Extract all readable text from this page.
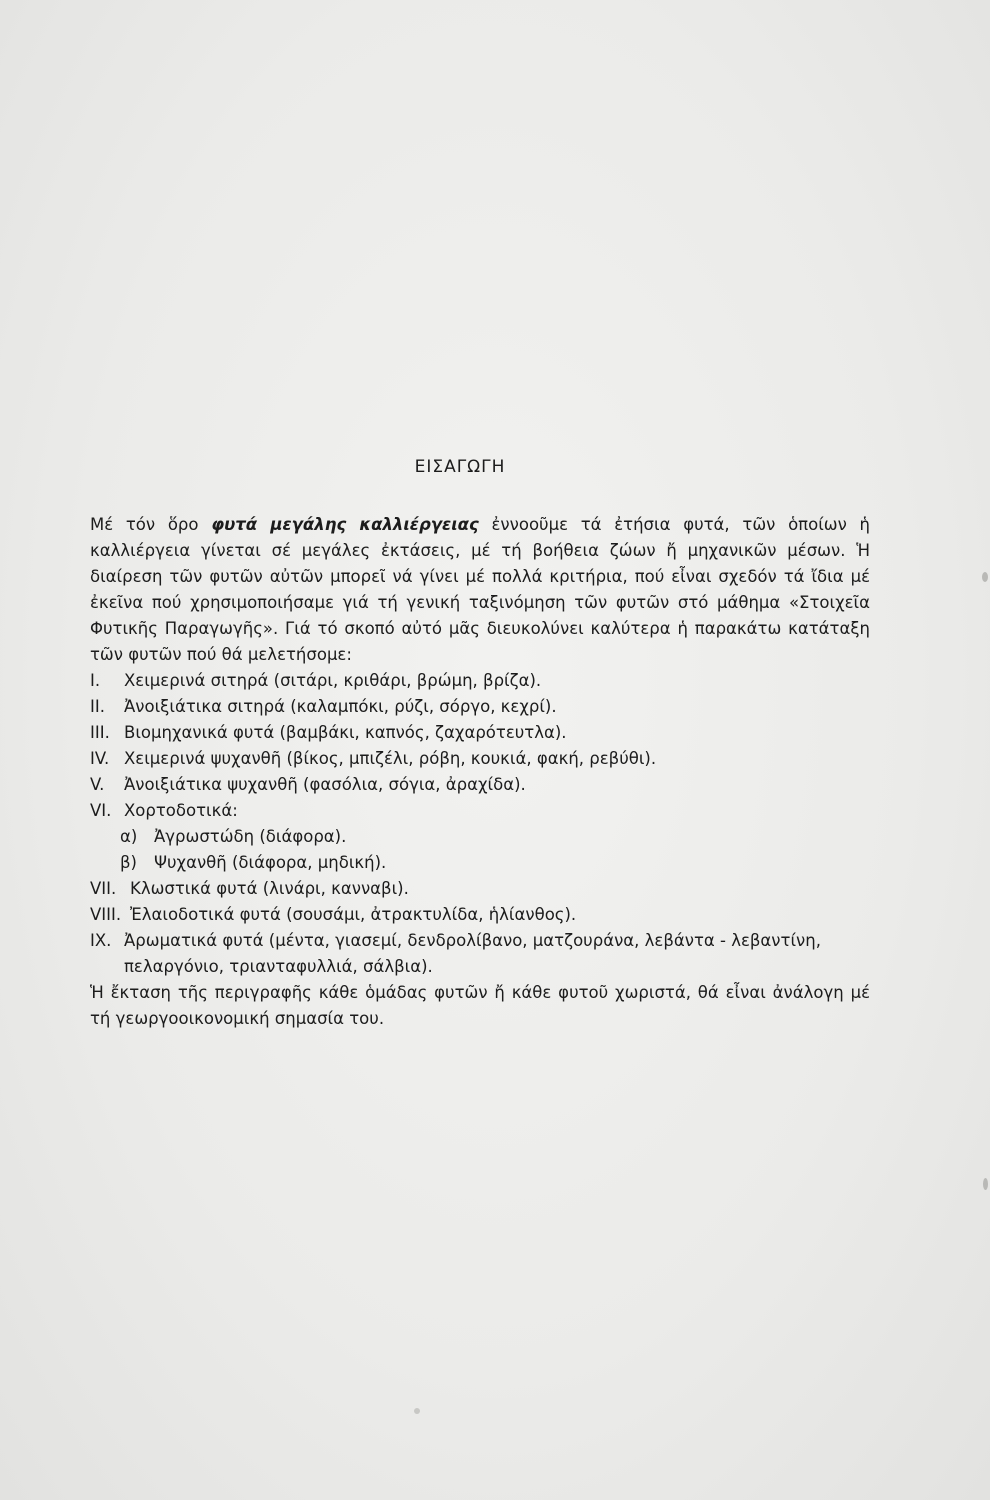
ΕΙΣΑΓΩΓΗ

Μέ τόν ὅρο φυτά μεγάλης καλλιέργειας ἐννοοῦμε τά ἐτήσια φυτά, τῶν ὁποίων ἡ καλλιέργεια γίνεται σέ μεγάλες ἐκτάσεις, μέ τή βοήθεια ζώων ἤ μηχανικῶν μέσων. Ἡ διαίρεση τῶν φυτῶν αὐτῶν μπορεῖ νά γίνει μέ πολλά κριτήρια, πού εἶναι σχεδόν τά ἴδια μέ ἐκεῖνα πού χρησιμοποιήσαμε γιά τή γενική ταξινόμηση τῶν φυτῶν στό μάθημα «Στοιχεῖα Φυτικῆς Παραγωγῆς». Γιά τό σκοπό αὐτό μᾶς διευκολύνει καλύτερα ἡ παρακάτω κατάταξη τῶν φυτῶν πού θά μελετήσομε:

I.	Χειμερινά σιτηρά (σιτάρι, κριθάρι, βρώμη, βρίζα).
II.	Ἀνοιξιάτικα σιτηρά (καλαμπόκι, ρύζι, σόργο, κεχρί).
III. Βιομηχανικά φυτά (βαμβάκι, καπνός, ζαχαρότευτλα).
IV. Χειμερινά ψυχανθῆ (βίκος, μπιζέλι, ρόβη, κουκιά, φακή, ρεβύθι).
V.	Ἀνοιξιάτικα ψυχανθῆ (φασόλια, σόγια, ἀραχίδα).
VI. Χορτοδοτικά:
α)	Ἀγρωστώδη (διάφορα).
β)	Ψυχανθῆ (διάφορα, μηδική).
VII. Κλωστικά φυτά (λινάρι, κανναβι).
VIII. Ἐλαιοδοτικά φυτά (σουσάμι, ἀτρακτυλίδα, ἡλίανθος).
IX. Ἀρωματικά φυτά (μέντα, γιασεμί, δενδρολίβανο, ματζουράνα, λεβάντα - λεβαντίνη, πελαργόνιο, τριανταφυλλιά, σάλβια).

Ἡ ἔκταση τῆς περιγραφῆς κάθε ὁμάδας φυτῶν ἤ κάθε φυτοῦ χωριστά, θά εἶναι ἀνάλογη μέ τή γεωργοοικονομική σημασία του.
